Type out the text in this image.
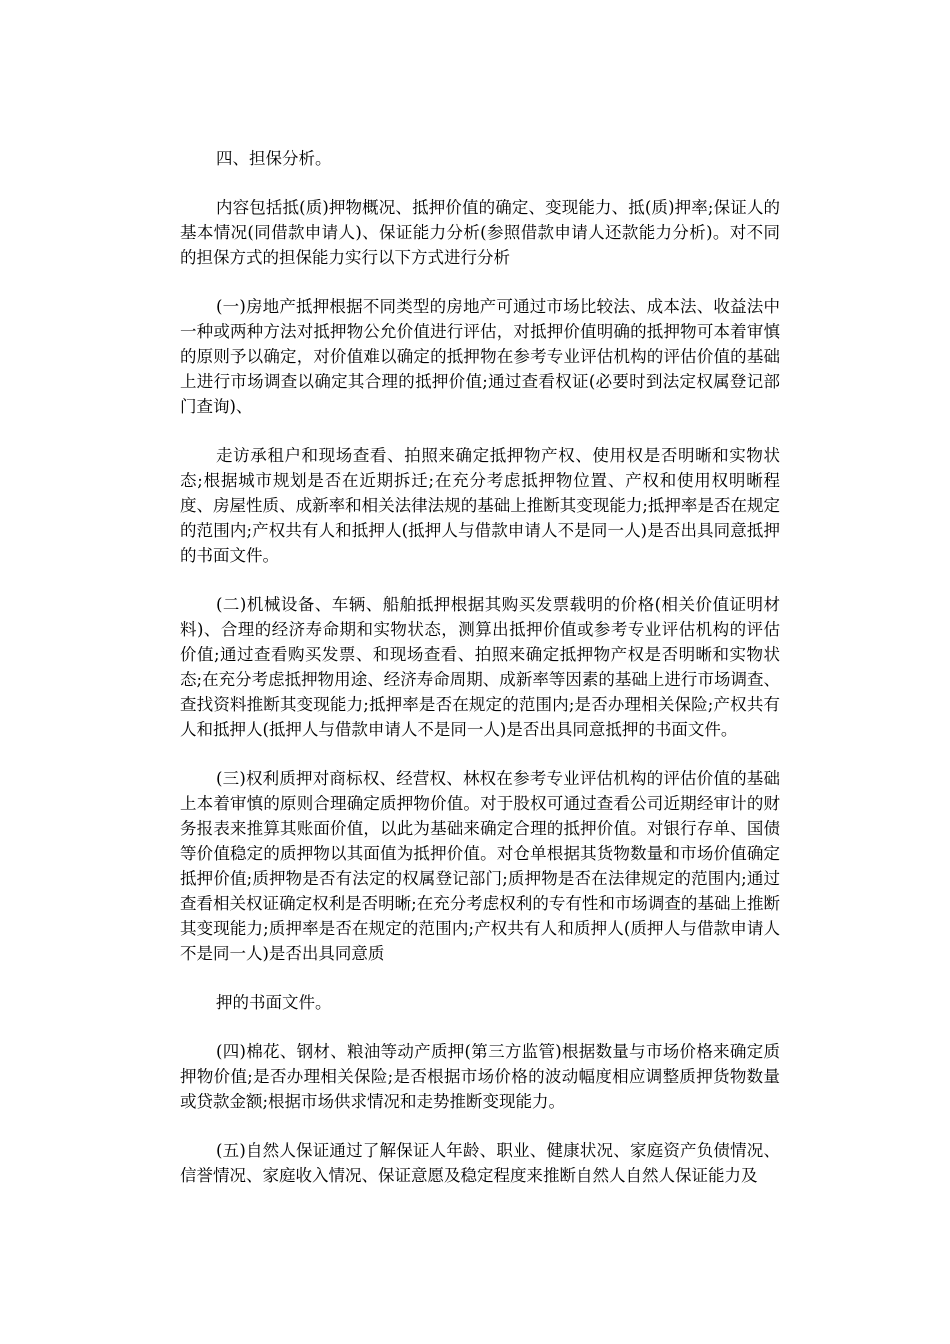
四、担保分析。

内容包括抵(质)押物概况、抵押价值的确定、变现能力、抵(质)押率;保证人的基本情况(同借款申请人)、保证能力分析(参照借款申请人还款能力分析)。对不同的担保方式的担保能力实行以下方式进行分析

(一)房地产抵押根据不同类型的房地产可通过市场比较法、成本法、收益法中一种或两种方法对抵押物公允价值进行评估，对抵押价值明确的抵押物可本着审慎的原则予以确定，对价值难以确定的抵押物在参考专业评估机构的评估价值的基础上进行市场调查以确定其合理的抵押价值;通过查看权证(必要时到法定权属登记部门查询)、

走访承租户和现场查看、拍照来确定抵押物产权、使用权是否明晰和实物状态;根据城市规划是否在近期拆迁;在充分考虑抵押物位置、产权和使用权明晰程度、房屋性质、成新率和相关法律法规的基础上推断其变现能力;抵押率是否在规定的范围内;产权共有人和抵押人(抵押人与借款申请人不是同一人)是否出具同意抵押的书面文件。

(二)机械设备、车辆、船舶抵押根据其购买发票载明的价格(相关价值证明材料)、合理的经济寿命期和实物状态，测算出抵押价值或参考专业评估机构的评估价值;通过查看购买发票、和现场查看、拍照来确定抵押物产权是否明晰和实物状态;在充分考虑抵押物用途、经济寿命周期、成新率等因素的基础上进行市场调查、查找资料推断其变现能力;抵押率是否在规定的范围内;是否办理相关保险;产权共有人和抵押人(抵押人与借款申请人不是同一人)是否出具同意抵押的书面文件。

(三)权利质押对商标权、经营权、林权在参考专业评估机构的评估价值的基础上本着审慎的原则合理确定质押物价值。对于股权可通过查看公司近期经审计的财务报表来推算其账面价值，以此为基础来确定合理的抵押价值。对银行存单、国债等价值稳定的质押物以其面值为抵押价值。对仓单根据其货物数量和市场价值确定抵押价值;质押物是否有法定的权属登记部门;质押物是否在法律规定的范围内;通过查看相关权证确定权利是否明晰;在充分考虑权利的专有性和市场调查的基础上推断其变现能力;质押率是否在规定的范围内;产权共有人和质押人(质押人与借款申请人不是同一人)是否出具同意质

押的书面文件。

(四)棉花、钢材、粮油等动产质押(第三方监管)根据数量与市场价格来确定质押物价值;是否办理相关保险;是否根据市场价格的波动幅度相应调整质押货物数量或贷款金额;根据市场供求情况和走势推断变现能力。

(五)自然人保证通过了解保证人年龄、职业、健康状况、家庭资产负债情况、信誉情况、家庭收入情况、保证意愿及稳定程度来推断自然人自然人保证能力及
